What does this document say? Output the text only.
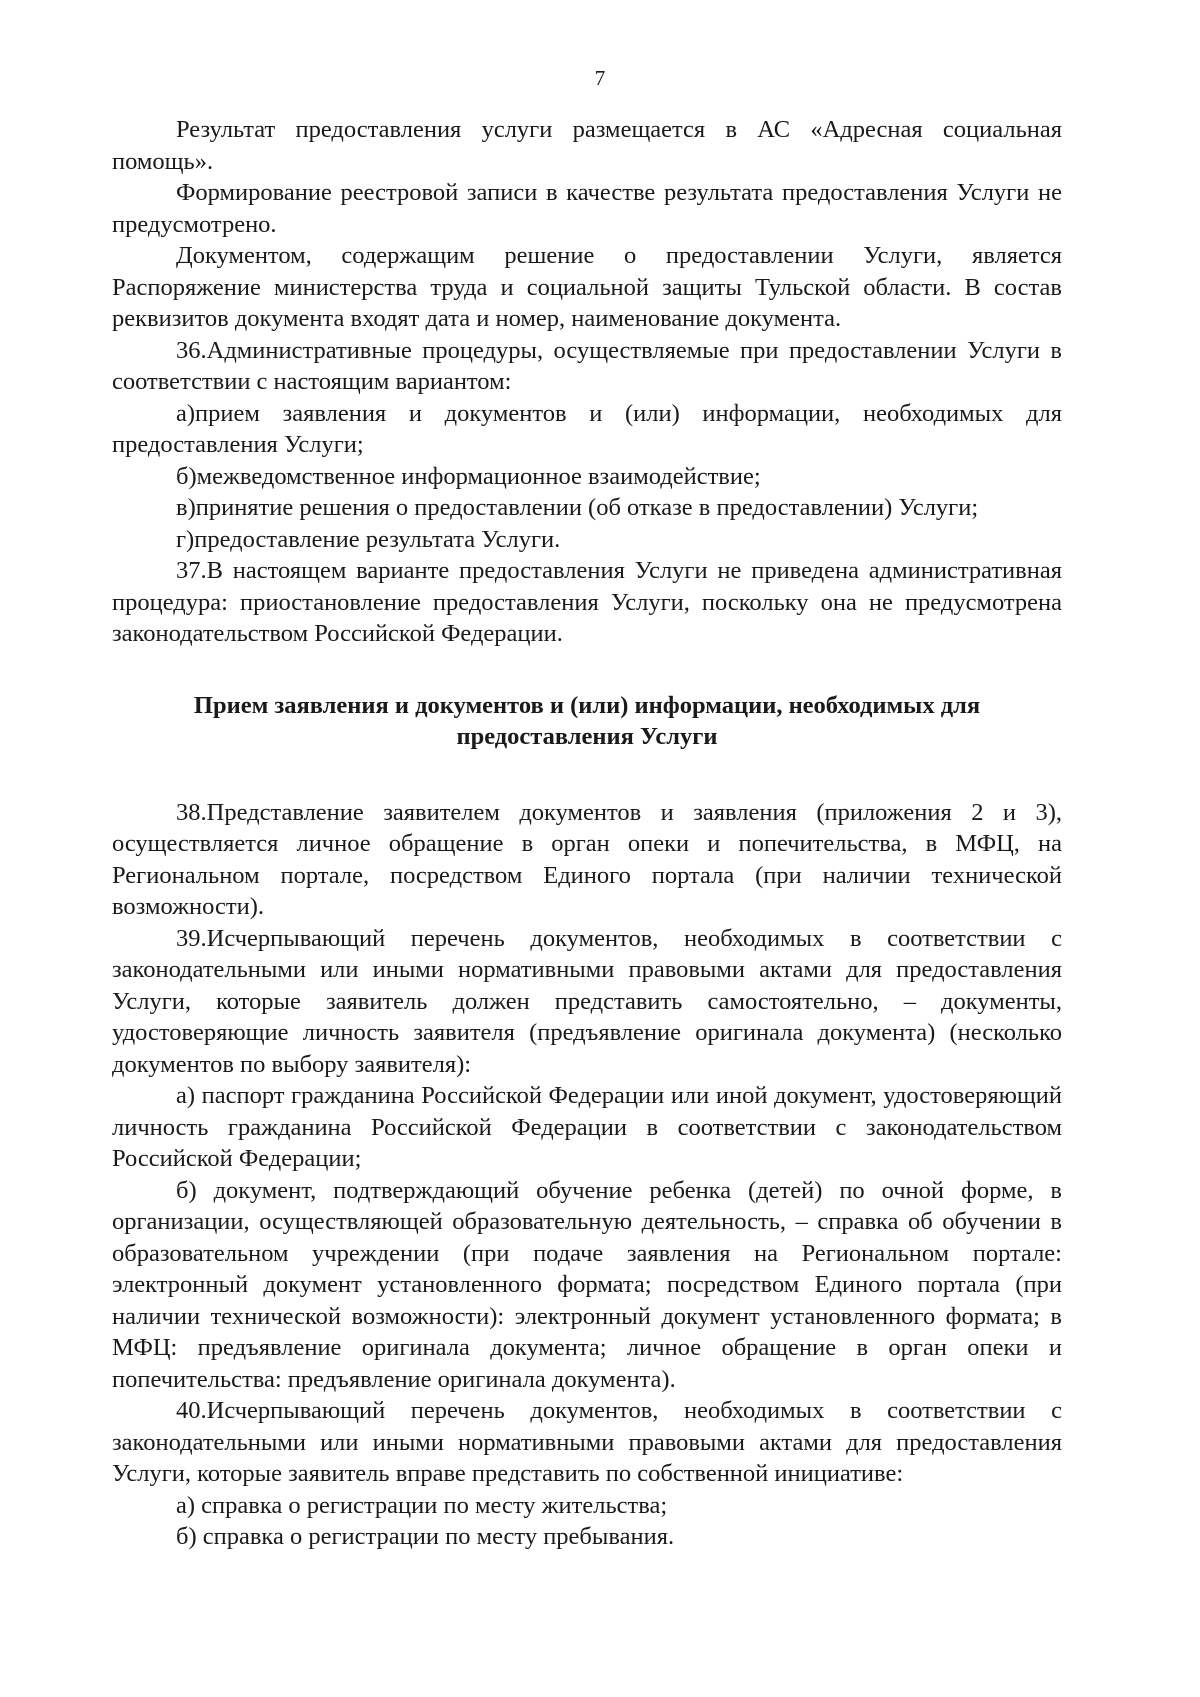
7

Результат предоставления услуги размещается в АС «Адресная социальная помощь».

Формирование реестровой записи в качестве результата предоставления Услуги не предусмотрено.

Документом, содержащим решение о предоставлении Услуги, является Распоряжение министерства труда и социальной защиты Тульской области. В состав реквизитов документа входят дата и номер, наименование документа.

36.Административные процедуры, осуществляемые при предоставлении Услуги в соответствии с настоящим вариантом:

а)прием заявления и документов и (или) информации, необходимых для предоставления Услуги;

б)межведомственное информационное взаимодействие;

в)принятие решения о предоставлении (об отказе в предоставлении) Услуги;

г)предоставление результата Услуги.

37.В настоящем варианте предоставления Услуги не приведена административная процедура: приостановление предоставления Услуги, поскольку она не предусмотрена законодательством Российской Федерации.

Прием заявления и документов и (или) информации, необходимых для предоставления Услуги

38.Представление заявителем документов и заявления (приложения 2 и 3), осуществляется личное обращение в орган опеки и попечительства, в МФЦ, на Региональном портале, посредством Единого портала (при наличии технической возможности).

39.Исчерпывающий перечень документов, необходимых в соответствии с законодательными или иными нормативными правовыми актами для предоставления Услуги, которые заявитель должен представить самостоятельно, – документы, удостоверяющие личность заявителя (предъявление оригинала документа) (несколько документов по выбору заявителя):

а) паспорт гражданина Российской Федерации или иной документ, удостоверяющий личность гражданина Российской Федерации в соответствии с законодательством Российской Федерации;

б) документ, подтверждающий обучение ребенка (детей) по очной форме, в организации, осуществляющей образовательную деятельность, – справка об обучении в образовательном учреждении (при подаче заявления на Региональном портале: электронный документ установленного формата; посредством Единого портала (при наличии технической возможности): электронный документ установленного формата; в МФЦ: предъявление оригинала документа; личное обращение в орган опеки и попечительства: предъявление оригинала документа).

40.Исчерпывающий перечень документов, необходимых в соответствии с законодательными или иными нормативными правовыми актами для предоставления Услуги, которые заявитель вправе представить по собственной инициативе:

а) справка о регистрации по месту жительства;

б) справка о регистрации по месту пребывания.
